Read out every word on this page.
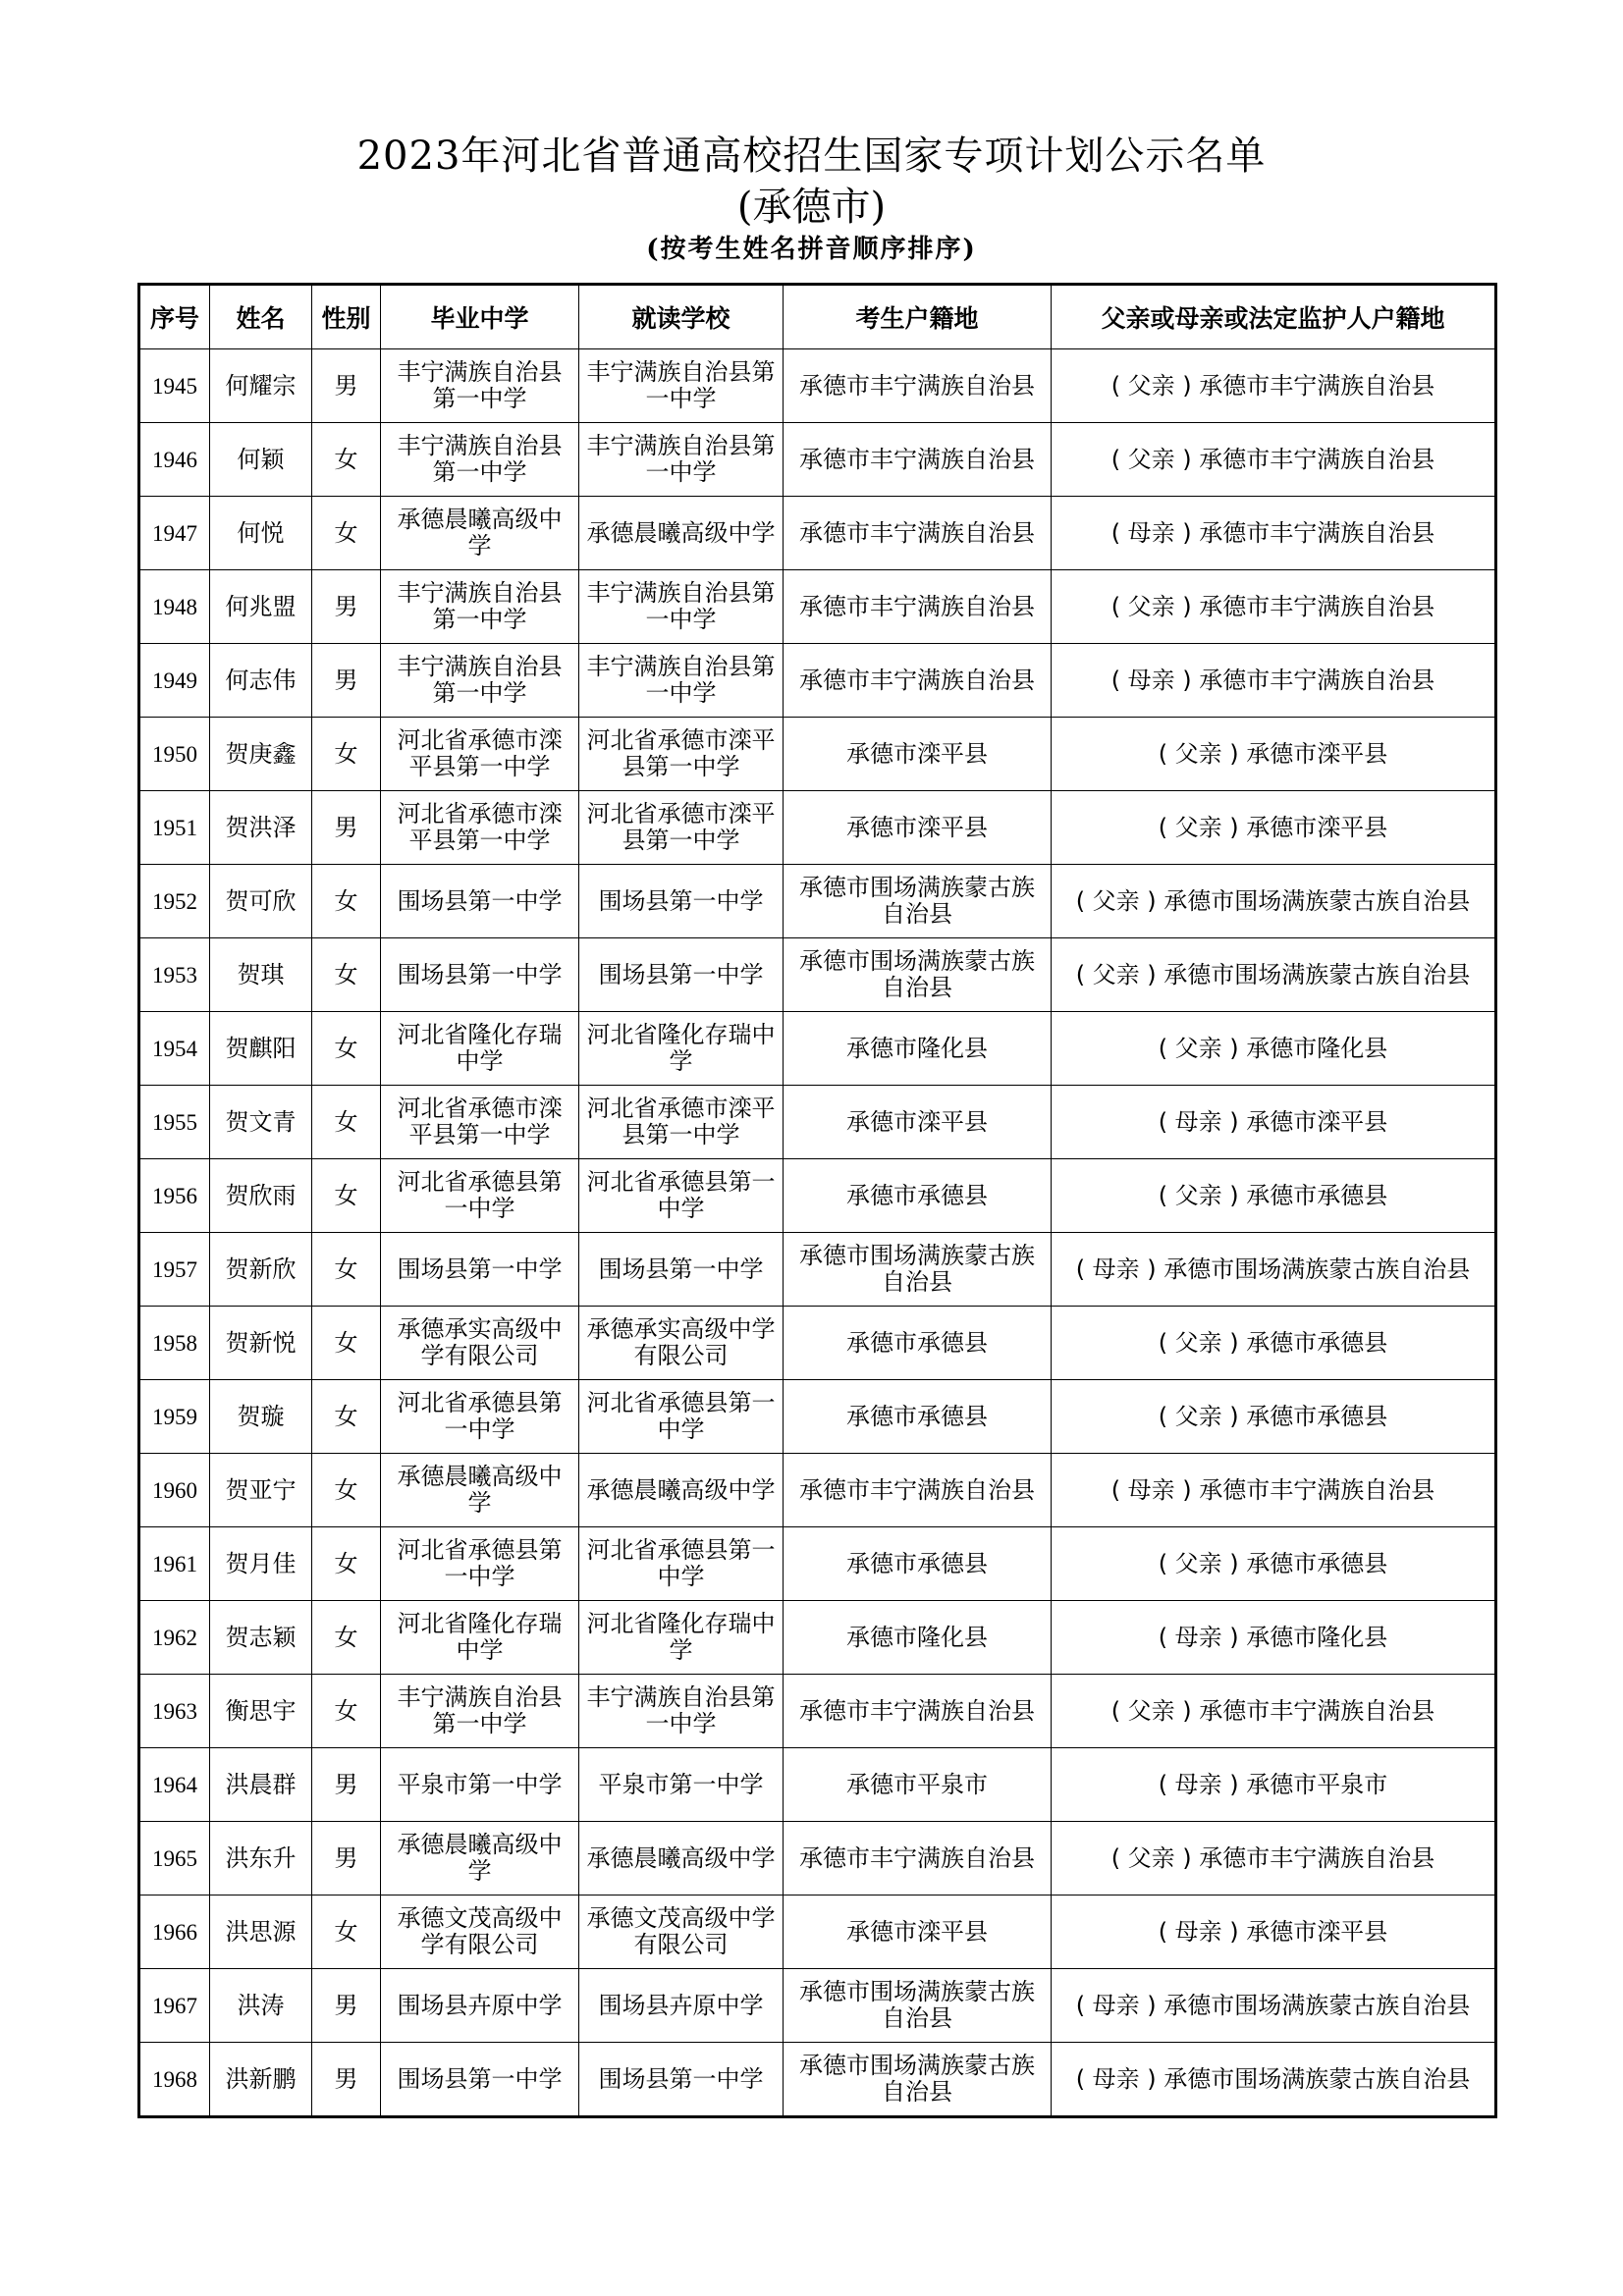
2023年河北省普通高校招生国家专项计划公示名单
(承德市)
(按考生姓名拼音顺序排序)
序号	姓名	性别	毕业中学	就读学校	考生户籍地	父亲或母亲或法定监护人户籍地
1945	何耀宗	男	丰宁满族自治县第一中学	丰宁满族自治县第一中学	承德市丰宁满族自治县	( 父亲 ) 承德市丰宁满族自治县
1946	何颖	女	丰宁满族自治县第一中学	丰宁满族自治县第一中学	承德市丰宁满族自治县	( 父亲 ) 承德市丰宁满族自治县
1947	何悦	女	承德晨曦高级中学	承德晨曦高级中学	承德市丰宁满族自治县	( 母亲 ) 承德市丰宁满族自治县
1948	何兆盟	男	丰宁满族自治县第一中学	丰宁满族自治县第一中学	承德市丰宁满族自治县	( 父亲 ) 承德市丰宁满族自治县
1949	何志伟	男	丰宁满族自治县第一中学	丰宁满族自治县第一中学	承德市丰宁满族自治县	( 母亲 ) 承德市丰宁满族自治县
1950	贺庚鑫	女	河北省承德市滦平县第一中学	河北省承德市滦平县第一中学	承德市滦平县	( 父亲 ) 承德市滦平县
1951	贺洪泽	男	河北省承德市滦平县第一中学	河北省承德市滦平县第一中学	承德市滦平县	( 父亲 ) 承德市滦平县
1952	贺可欣	女	围场县第一中学	围场县第一中学	承德市围场满族蒙古族自治县	( 父亲 ) 承德市围场满族蒙古族自治县
1953	贺琪	女	围场县第一中学	围场县第一中学	承德市围场满族蒙古族自治县	( 父亲 ) 承德市围场满族蒙古族自治县
1954	贺麒阳	女	河北省隆化存瑞中学	河北省隆化存瑞中学	承德市隆化县	( 父亲 ) 承德市隆化县
1955	贺文青	女	河北省承德市滦平县第一中学	河北省承德市滦平县第一中学	承德市滦平县	( 母亲 ) 承德市滦平县
1956	贺欣雨	女	河北省承德县第一中学	河北省承德县第一中学	承德市承德县	( 父亲 ) 承德市承德县
1957	贺新欣	女	围场县第一中学	围场县第一中学	承德市围场满族蒙古族自治县	( 母亲 ) 承德市围场满族蒙古族自治县
1958	贺新悦	女	承德承实高级中学有限公司	承德承实高级中学有限公司	承德市承德县	( 父亲 ) 承德市承德县
1959	贺璇	女	河北省承德县第一中学	河北省承德县第一中学	承德市承德县	( 父亲 ) 承德市承德县
1960	贺亚宁	女	承德晨曦高级中学	承德晨曦高级中学	承德市丰宁满族自治县	( 母亲 ) 承德市丰宁满族自治县
1961	贺月佳	女	河北省承德县第一中学	河北省承德县第一中学	承德市承德县	( 父亲 ) 承德市承德县
1962	贺志颖	女	河北省隆化存瑞中学	河北省隆化存瑞中学	承德市隆化县	( 母亲 ) 承德市隆化县
1963	衡思宇	女	丰宁满族自治县第一中学	丰宁满族自治县第一中学	承德市丰宁满族自治县	( 父亲 ) 承德市丰宁满族自治县
1964	洪晨群	男	平泉市第一中学	平泉市第一中学	承德市平泉市	( 母亲 ) 承德市平泉市
1965	洪东升	男	承德晨曦高级中学	承德晨曦高级中学	承德市丰宁满族自治县	( 父亲 ) 承德市丰宁满族自治县
1966	洪思源	女	承德文茂高级中学有限公司	承德文茂高级中学有限公司	承德市滦平县	( 母亲 ) 承德市滦平县
1967	洪涛	男	围场县卉原中学	围场县卉原中学	承德市围场满族蒙古族自治县	( 母亲 ) 承德市围场满族蒙古族自治县
1968	洪新鹏	男	围场县第一中学	围场县第一中学	承德市围场满族蒙古族自治县	( 母亲 ) 承德市围场满族蒙古族自治县
